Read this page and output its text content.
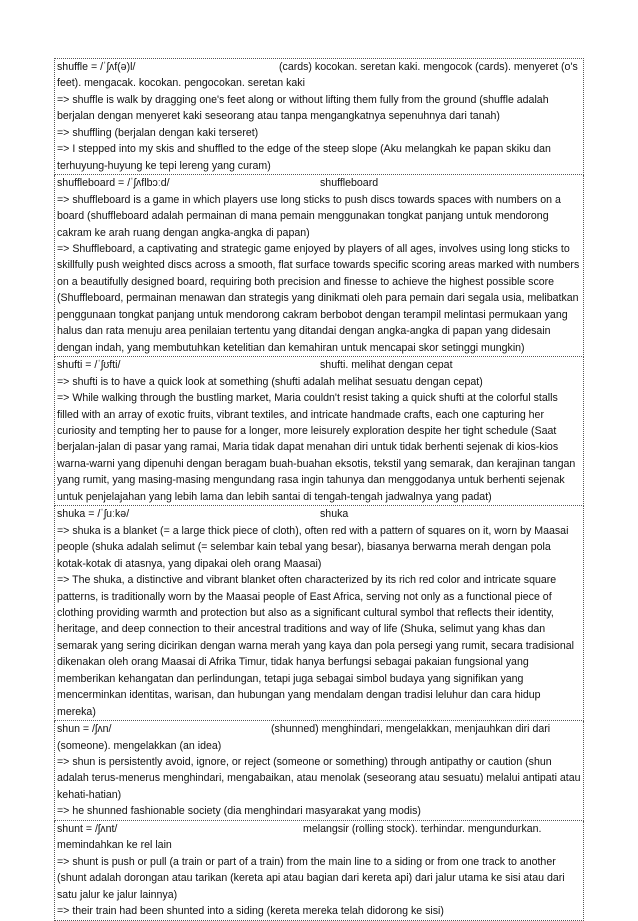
shuffle = /ˈʃʌf(ə)l/	(cards) kocokan. seretan kaki. mengocok (cards). menyeret (o's feet). mengacak. kocokan. pengocokan. seretan kaki

=> shuffle is walk by dragging one's feet along or without lifting them fully from the ground (shuffle adalah berjalan dengan menyeret kaki seseorang atau tanpa mengangkatnya sepenuhnya dari tanah)

=> shuffling (berjalan dengan kaki terseret)

=> I stepped into my skis and shuffled to the edge of the steep slope (Aku melangkah ke papan skiku dan terhuyung-huyung ke tepi lereng yang curam)

shuffleboard = /ˈʃʌflbɔːd/	shuffleboard

=> shuffleboard is a game in which players use long sticks to push discs towards spaces with numbers on a board (shuffleboard adalah permainan di mana pemain menggunakan tongkat panjang untuk mendorong cakram ke arah ruang dengan angka-angka di papan)

=> Shuffleboard, a captivating and strategic game enjoyed by players of all ages, involves using long sticks to skillfully push weighted discs across a smooth, flat surface towards specific scoring areas marked with numbers on a beautifully designed board, requiring both precision and finesse to achieve the highest possible score (Shuffleboard, permainan menawan dan strategis yang dinikmati oleh para pemain dari segala usia, melibatkan penggunaan tongkat panjang untuk mendorong cakram berbobot dengan terampil melintasi permukaan yang halus dan rata menuju area penilaian tertentu yang ditandai dengan angka-angka di papan yang didesain dengan indah, yang membutuhkan ketelitian dan kemahiran untuk mencapai skor setinggi mungkin)

shufti = /ˈʃʊfti/	shufti. melihat dengan cepat

=> shufti is to have a quick look at something (shufti adalah melihat sesuatu dengan cepat)

=> While walking through the bustling market, Maria couldn't resist taking a quick shufti at the colorful stalls filled with an array of exotic fruits, vibrant textiles, and intricate handmade crafts, each one capturing her curiosity and tempting her to pause for a longer, more leisurely exploration despite her tight schedule (Saat berjalan-jalan di pasar yang ramai, Maria tidak dapat menahan diri untuk tidak berhenti sejenak di kios-kios warna-warni yang dipenuhi dengan beragam buah-buahan eksotis, tekstil yang semarak, dan kerajinan tangan yang rumit, yang masing-masing mengundang rasa ingin tahunya dan menggodanya untuk berhenti sejenak untuk penjelajahan yang lebih lama dan lebih santai di tengah-tengah jadwalnya yang padat)

shuka = /ˈʃuːkə/	shuka

=> shuka is a blanket (= a large thick piece of cloth), often red with a pattern of squares on it, worn by Maasai people (shuka adalah selimut (= selembar kain tebal yang besar), biasanya berwarna merah dengan pola kotak-kotak di atasnya, yang dipakai oleh orang Maasai)

=> The shuka, a distinctive and vibrant blanket often characterized by its rich red color and intricate square patterns, is traditionally worn by the Maasai people of East Africa, serving not only as a functional piece of clothing providing warmth and protection but also as a significant cultural symbol that reflects their identity, heritage, and deep connection to their ancestral traditions and way of life (Shuka, selimut yang khas dan semarak yang sering dicirikan dengan warna merah yang kaya dan pola persegi yang rumit, secara tradisional dikenakan oleh orang Maasai di Afrika Timur, tidak hanya berfungsi sebagai pakaian fungsional yang memberikan kehangatan dan perlindungan, tetapi juga sebagai simbol budaya yang signifikan yang mencerminkan identitas, warisan, dan hubungan yang mendalam dengan tradisi leluhur dan cara hidup mereka)

shun = /ʃʌn/	(shunned) menghindari, mengelakkan, menjauhkan diri dari (someone). mengelakkan (an idea)

=> shun is persistently avoid, ignore, or reject (someone or something) through antipathy or caution (shun adalah terus-menerus menghindari, mengabaikan, atau menolak (seseorang atau sesuatu) melalui antipati atau kehati-hatian)

=> he shunned fashionable society (dia menghindari masyarakat yang modis)

shunt = /ʃʌnt/	melangsir (rolling stock). terhindar. mengundurkan. memindahkan ke rel lain

=> shunt is push or pull (a train or part of a train) from the main line to a siding or from one track to another (shunt adalah dorongan atau tarikan (kereta api atau bagian dari kereta api) dari jalur utama ke sisi atau dari satu jalur ke jalur lainnya)

=> their train had been shunted into a siding (kereta mereka telah didorong ke sisi)
